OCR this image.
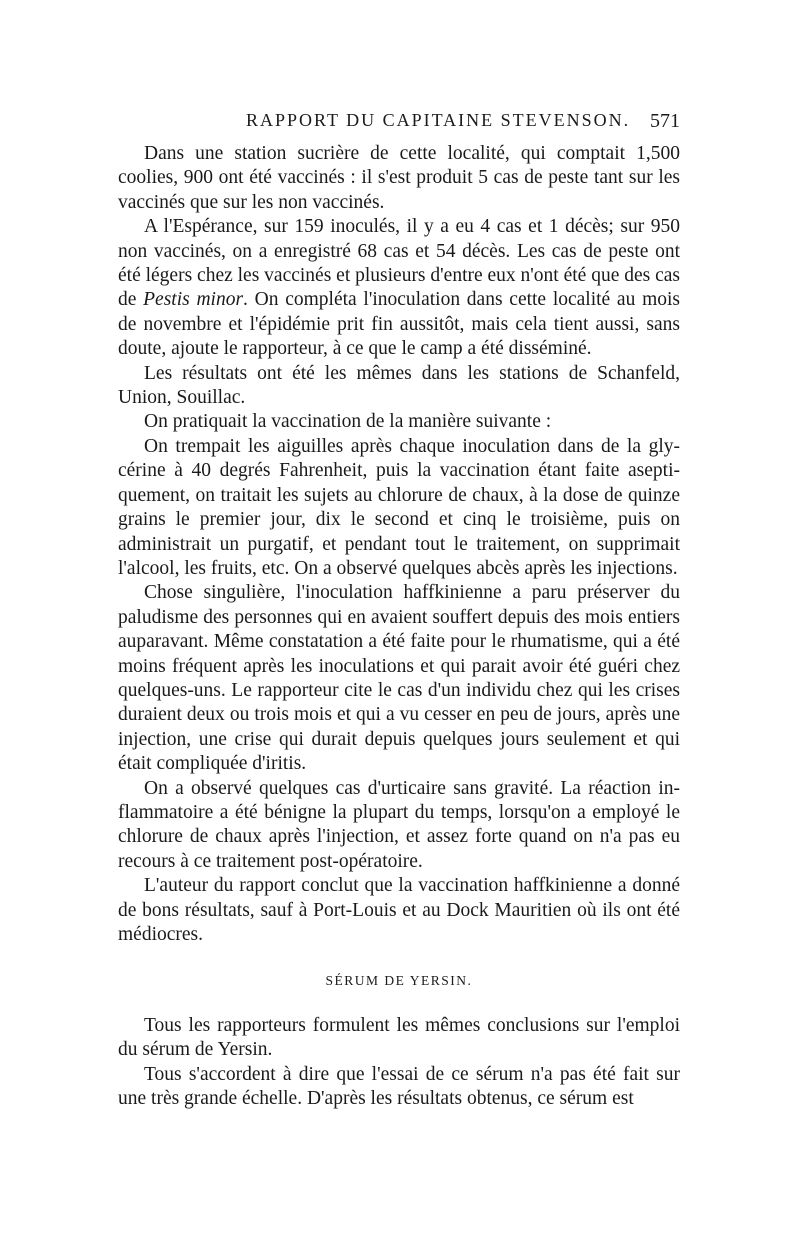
RAPPORT DU CAPITAINE STEVENSON. 571

Dans une station sucrière de cette localité, qui comptait 1,500 coolies, 900 ont été vaccinés : il s'est produit 5 cas de peste tant sur les vaccinés que sur les non vaccinés.

A l'Espérance, sur 159 inoculés, il y a eu 4 cas et 1 décès; sur 950 non vaccinés, on a enregistré 68 cas et 54 décès. Les cas de peste ont été légers chez les vaccinés et plusieurs d'entre eux n'ont été que des cas de Pestis minor. On compléta l'inoculation dans cette localité au mois de novembre et l'épidémie prit fin aussitôt, mais cela tient aussi, sans doute, ajoute le rapporteur, à ce que le camp a été disséminé.

Les résultats ont été les mêmes dans les stations de Schanfeld, Union, Souillac.

On pratiquait la vaccination de la manière suivante :

On trempait les aiguilles après chaque inoculation dans de la glycérine à 40 degrés Fahrenheit, puis la vaccination étant faite aseptiquement, on traitait les sujets au chlorure de chaux, à la dose de quinze grains le premier jour, dix le second et cinq le troisième, puis on administrait un purgatif, et pendant tout le traitement, on supprimait l'alcool, les fruits, etc. On a observé quelques abcès après les injections.

Chose singulière, l'inoculation haffkinienne a paru préserver du paludisme des personnes qui en avaient souffert depuis des mois entiers auparavant. Même constatation a été faite pour le rhumatisme, qui a été moins fréquent après les inoculations et qui parait avoir été guéri chez quelques-uns. Le rapporteur cite le cas d'un individu chez qui les crises duraient deux ou trois mois et qui a vu cesser en peu de jours, après une injection, une crise qui durait depuis quelques jours seulement et qui était compliquée d'iritis.

On a observé quelques cas d'urticaire sans gravité. La réaction inflammatoire a été bénigne la plupart du temps, lorsqu'on a employé le chlorure de chaux après l'injection, et assez forte quand on n'a pas eu recours à ce traitement post-opératoire.

L'auteur du rapport conclut que la vaccination haffkinienne a donné de bons résultats, sauf à Port-Louis et au Dock Mauritien où ils ont été médiocres.

SÉRUM DE YERSIN.

Tous les rapporteurs formulent les mêmes conclusions sur l'emploi du sérum de Yersin.

Tous s'accordent à dire que l'essai de ce sérum n'a pas été fait sur une très grande échelle. D'après les résultats obtenus, ce sérum est
